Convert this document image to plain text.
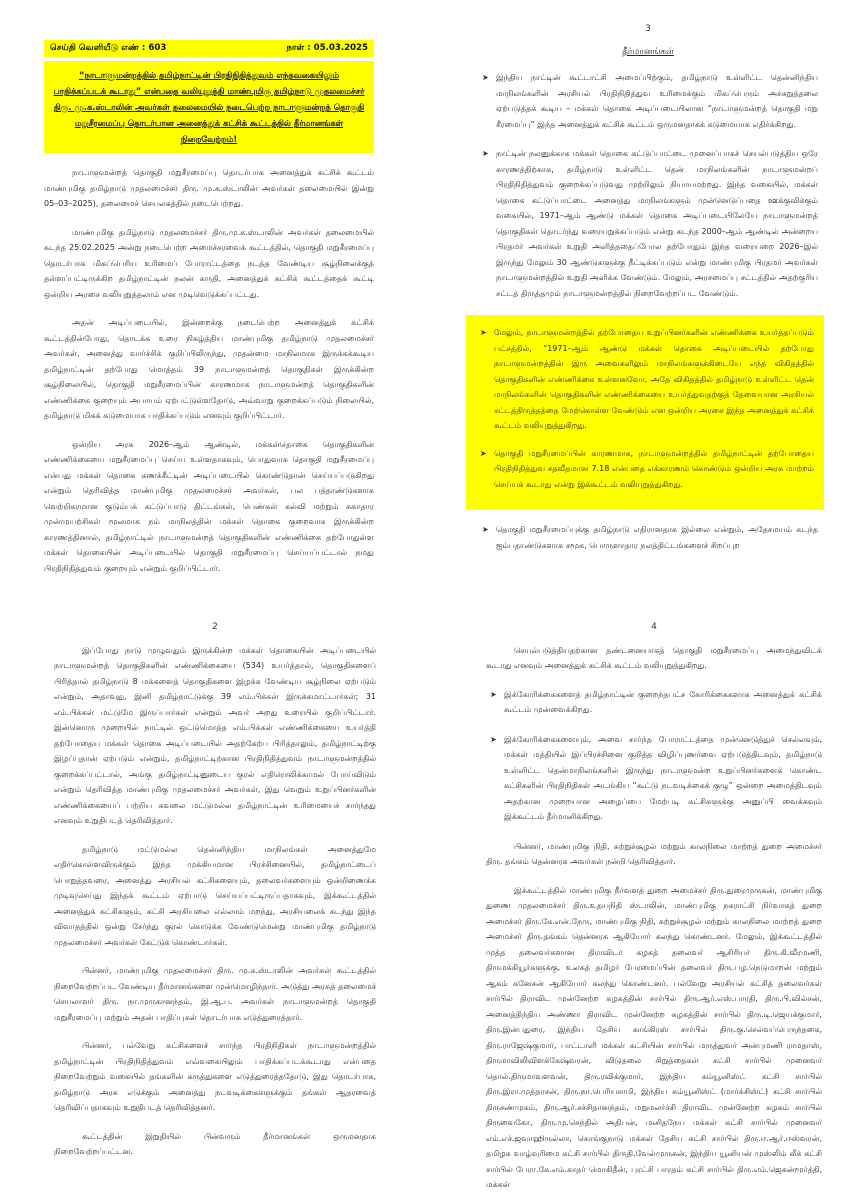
செய்தி வெளியீடு எண் : 603	நாள் : 05.03.2025
“நாடாளுமன்றத்தில் தமிழ்நாட்டின் பிரதிநிதித்துவம் எந்தவகையிலும்
பாதிக்கப்படக் கூடாது” என்பதை வலியுறுத்தி மாண்புமிகு தமிழ்நாடு முதலமைச்சர்
திரு. மு.க.ஸ்டாலின் அவர்கள் தலைமையில் நடைபெற்ற நாடாளுமன்றத் தொகுதி
மறுசீரமைப்பு தொடர்பான அனைத்துக் கட்சிக் கூட்டத்தில் தீர்மானங்கள் நிறைவேற்றம்!

நாடாளுமன்றத் தொகுதி மறுசீரமைப்பு தொடர்பாக அனைத்துக் கட்சிக் கூட்டம் மாண்புமிகு தமிழ்நாடு முதலமைச்சர் திரு. மு.க.ஸ்டாலின் அவர்கள் தலைமையில் இன்று 05–03–2025), தலைமைச் செயலகத்தில் நடைபெற்றது.

மாண்புமிகு தமிழ்நாடு முதலமைச்சர் திரு.மு.க.ஸ்டாலின் அவர்கள் தலைமையில் கடந்த 25.02.2025 அன்று நடைபெற்ற அமைச்சரவைக் கூட்டத்தில், தொகுதி மறுசீரமைப்பு தொடர்பாக மிகப்பெரிய உரிமைப் போராட்டத்தை நடத்த வேண்டிய சூழ்நிலைக்குத் தள்ளப்பட்டிருக்கிற தமிழ்நாட்டின் நலன் கருதி, அனைத்துக் கட்சிக் கூட்டத்தைக் கூட்டி ஒன்றிய அரசை வலியுறுத்தலாம் என முடிவெடுக்கப்பட்டது.

அதன் அடிப்படையில், இன்றைக்கு நடைபெற்ற அனைத்துக் கட்சிக் கூட்டத்தின்போது, தொடக்க உரை நிகழ்த்திய மாண்புமிகு தமிழ்நாடு முதலமைச்சர் அவர்கள், அனைத்து வார்ச்சிக் குறிப்பிலிருந்து, முதன்மை மாநிலமாக இருக்கக்கூடிய தமிழ்நாட்டின் தற்போது மொத்தம் 39 நாடாளுமன்றத் தொகுதிகள் இருக்கின்ற சூழ்நிலையில், தொகுதி மறுசீரமைப்பின் காரணமாக நாடாளுமன்றத் தொகுதிகளின் எண்ணிக்கை குறையும் அபாயம் ஏற்பட்டுள்ளதோடு, அவ்வாறு குறைக்கப்படும் நிலையில், தமிழ்நாடு மிகக் கடுமையாக பாதிக்கப்படும் எனவும் குறிப்பிட்டார்.

ஒன்றிய அரசு 2026–ஆம் ஆண்டில், மக்கள்தொகை தொகுதிகளின் எண்ணிக்கையை மறுசீரமைப்பு செய்ய உள்ளதாகவும், பொதுவாக தொகுதி மறுசீரமைப்பு என்பது மக்கள் தொகை கணக்கீட்டின் அடிப்படையில் கொண்டுதான் செய்யப்படுகிறது என்றும் தெரிவித்த மாண்புமிகு முதலமைச்சர் அவர்கள், பல பத்தாண்டுகளாக வெற்றிகரமான குடும்பக் கட்டுப்பாடு திட்டங்கள், பெண்கள் கல்வி மற்றும் சுகாதார முன்முயற்சிகள் மூலமாக நம் மாநிலத்தின் மக்கள் தொகை குறைவாக இருக்கின்ற காரணத்தினால், தமிழ்நாட்டில் நாடாளுமன்றத் தொகுதிகளின் எண்ணிக்கை தற்போதுள்ள மக்கள் தொகையின் அடிப்படையில் தொகுதி மறுசீரமைப்பு செய்யப்பட்டால் நமது பிரதிநிதித்துவம் குறையும் என்றும் குறிப்பிட்டார்.

3
தீர்மானங்கள்
➤ இந்திய நாட்டின் கூட்டாட்சி அமைப்பிற்கும், தமிழ்நாடு உள்ளிட்ட தென்னிந்திய மாநிலங்களின் அரசியல் பிரதிநிதித்துவ உரிமைக்கும் மிகப்பெரும் அச்சுறுத்தலை ஏற்படுத்தக் கூடிய – மக்கள் தொகை அடிப்படையிலான “நாடாளுமன்றத் தொகுதி மறு சீரமைப்பு” இந்த அனைத்துக் கட்சிக் கூட்டம் ஒருமனதாகக் கடுமையாக எதிர்க்கிறது.
➤ நாட்டின் நலனுக்காக மக்கள் தொகை கட்டுப்பாட்டை முனைப்பாகச் செயல்படுத்திய ஒரே காரணத்திற்காக, தமிழ்நாடு உள்ளிட்ட தென் மாநிலங்களின் நாடாளுமன்றப் பிரதிநிதித்துவம் குறைக்கப்படுவது முற்றிலும் நியாயமற்றது. இந்த வகையில், மக்கள் தொகை கட்டுப்பாட்டை அனைத்து மாநிலங்களும் முன்னெடுப்பதை ஊக்குவிக்கும் வகையில், 1971–ஆம் ஆண்டு மக்கள் தொகை அடிப்படையிலேயே நாடாளுமன்றத் தொகுதிகள் தொடர்ந்து வரையறுக்கப்படும் என்று கடந்த 2000–ஆம் ஆண்டில் அன்றைய பிரதமர் அவர்கள் உறுதி அளித்ததைப்போல தற்போதும் இந்த வரையறை 2026–இல் இருந்து மேலும் 30 ஆண்டுகளுக்கு நீட்டிக்கப்படும் என்று மாண்புமிகு பிரதமர் அவர்கள் நாடாளுமன்றத்தில் உறுதி அளிக்க வேண்டும். மேலும், அரசமைப்பு சட்டத்தில் அதற்குரிய சட்டத் திருத்தமும் நாடாளுமன்றத்தில் நிறைவேற்றப்பட வேண்டும்.
➤ மேலும், நாடாளுமன்றத்தில் தற்போதைய உறுப்பினர்களின் எண்ணிக்கை உயர்த்தப்படும் பட்சத்தில், “1971–ஆம் ஆண்டு மக்கள் தொகை அடிப்படையில் தற்போது நாடாளுமன்றத்தின் இரு அவைகளிலும் மாநிலங்களுக்கிடையே எந்த விகிதத்தில் தொகுதிகளின் எண்ணிக்கை உள்ளனவோ, அதே விகிதத்தில் தமிழ்நாடு உள்ளிட்ட தென் மாநிலங்களின் தொகுதிகளின் எண்ணிக்கையை உயர்த்துவதற்குத் தேவையான அரசியல் சட்டத்திருத்தத்தை மேற்கொள்ள வேண்டும் என ஒன்றிய அரசை இந்த அனைத்துக் கட்சிக் கூட்டம் வலியுறுத்துகிறது.
➤ தொகுதி மறுசீரமைப்பின் காரணமாக, நாடாளுமன்றத்தில் தமிழ்நாட்டின் தற்போதைய பிரதிநிதித்துவ சதவீதமான 7.18 என்பதை எக்காரணம் கொண்டும் ஒன்றிய அரசு மாற்றம் செய்யக் கூடாது என்று இக்கூட்டம் வலியுறுத்துகிறது.
➤ தொகுதி மறுசீரமைப்புக்கு தமிழ்நாடு எதிரானதாக இல்லை என்றும், அதேசமயம் கடந்த ஐம்பதாண்டுகளாக சமூக, பொருளாதார நலத்திட்டங்களைச் சிறப்புற
2

இப்போது நாடு முழுவதும் இருக்கின்ற மக்கள் தொகையின் அடிப்படையில் நாடாளுமன்றத் தொகுதிகளின் எண்ணிக்கையை (534) உயர்த்தால், தொகுதிகளைப் பிரித்தால் தமிழ்நாடு 8 மக்களைத் தொகுதிகளை இழக்க வேண்டிய சூழ்நிலை ஏற்படும் என்றும், அதாவது, இனி தமிழ்நாட்டுக்கு 39 எம்.பிக்கள் இருக்கமாட்டார்கள்; 31 எம்.பிக்கள் மட்டுமே இருப்பார்கள் என்றும் அவர் அறது உரையில் குறிப்பிட்டார். இன்னொரு முறையில் நாட்டில் ஒட்டுமொத்த எம்.பிக்கள் எண்ணிக்கையை உயர்த்தி தற்போதைய மக்கள் தொகை அடிப்படையில் அதற்கேற்ப பிரித்தாலும், தமிழ்நாட்டிற்கு இழப்புதான் ஏற்படும் என்றும், தமிழ்நாட்டிற்கான பிரதிநிதித்துவம் நாடாளுமன்றத்தில் குறைக்கப்பட்டால், அங்கு தமிழ்நாட்டினுடைய குரல் எதிரொலிக்காமல் போய்விடும் என்றும் தெரிவித்த மாண்புமிகு முதலமைச்சர் அவர்கள், இது வெறும் உறுப்பினர்களின் எண்ணிக்கையைப் பற்றிய கவலை மட்டுமல்ல தமிழ்நாட்டின் உரிமையைச் சார்ந்தது எனவும் உறுதிபடத் தெரிவித்தார்.

தமிழ்நாடு மட்டுமல்ல தென்னிந்திய மாநிலங்கள் அனைத்துமே எதிர்கொள்ளவிருக்கும் இந்த முக்கியமான பிரச்சினையில், தமிழ்நாட்டைப் பொறுத்தவரை, அனைத்து அரசியல் கட்சிகளையும், தலைவர்களையும் ஒன்றிணைக்க முடிவுசெய்து இந்தக் கூட்டம் ஏற்பாடு செய்யப்பட்டிருப்பதாகவும், இக்கூட்டத்தில் அனைத்துக் கட்சிகளும், கட்சி அரசியலை எல்லாம் மறந்து, அரசியலைக் கடந்து இந்த விவாதத்தில் ஒன்று சேர்ந்து குரல் கொடுக்க வேண்டுமென்று மாண்புமிகு தமிழ்நாடு முதலமைச்சர் அவர்கள் கேட்டுக் கொண்டார்கள்.

பின்னர், மாண்புமிகு முதலமைச்சர் திரு. மு.க.ஸ்டாலின் அவர்கள் கூட்டத்தில் நிறைவேற்றப்பட வேண்டிய தீர்மானங்களை முன்மொழிந்தார். அடுத்து அரசுத் தலைமைச் செயலாளர் திரு. நா.முருகானந்தம், இ.ஆ.ப. அவர்கள் நாடாளுமன்றத் தொகுதி மறுசீரமைப்பு மற்றும் அதன் பாதிப்புகள் தொடர்பாக எடுத்துரைத்தார்.

பின்னர், பல்வேறு கட்சிகளைச் சார்ந்த பிரதிநிதிகள் நாடாளுமன்றத்தில் தமிழ்நாட்டின் பிரதிநிதித்துவம் எவ்வகையிலும் பாதிக்கப்படக்கூடாது என்பதை நிறைவேற்றும் வகையில் தங்களின் கருத்துகளை எடுத்துரைத்ததோடு, இது தொடர்பாக, தமிழ்நாடு அரசு எடுக்கும் அனைத்து நடவடிக்கைகளுக்கும் தங்கள் ஆதரவைத் தெரிவிப்பதாகவும் உறுதிபடத் தெரிவித்தனர்.

கூட்டத்தின் இறுதியில் பின்வரும் தீர்மானங்கள் ஒருமனதாக நிறைவேற்றப்பட்டன.

4

செயல்படுத்தியதற்கான தண்டனையாகத் தொகுதி மறுசீரமைப்பு அமைந்துவிடக் கூடாது எனவும் அனைத்துக் கட்சிக் கூட்டம் வலியுறுத்துகிறது.

➤ இக்கோரிக்கைகளைத் தமிழ்நாட்டின் குறைந்தபட்ச கோரிக்கைகளாக அனைத்துக் கட்சிக் கூட்டம் முன்வைக்கிறது.
➤ இக்கோரிக்கைகளையும், அவை சார்ந்த போராட்டத்தை முன்னெடுத்துச் செல்லவும், மக்கள் மத்தியில் இப்பிரச்சினை குறித்த விழிப்புணர்வை ஏற்படுத்திடவும், தமிழ்நாடு உள்ளிட்ட தென்மாநிலங்களில் இருந்து நாடாளுமன்ற உறுப்பினர்களைக் கொண்ட கட்சிகளின் பிரதிநிதிகள் அடங்கிய “கூட்டு நடவடிக்கைக் குழு” ஒன்றை அமைத்திடவும் அதற்கான முறையான அழைப்பை மேற்படி கட்சிகளுக்கு அனுப்பி வைக்கவும் இக்கூட்டம் தீர்மானிக்கிறது.

பின்னர், மாண்புமிகு நிதி, சுற்றுச்சூழல் மற்றும் காலநிலை மாற்றத் துறை அமைச்சர் திரு. தங்கம் தென்னரசு அவர்கள் நன்றி தெரிவித்தார்.

இக்கூட்டத்தில் மாண்புமிகு நீர்வளத் துறை அமைச்சர் திரு.துரைமுருகன், மாண்புமிகு துணை முதலமைச்சர் திரு.உதயநிதி ஸ்டாலின், மாண்புமிகு நகராட்சி நிர்வாகத் துறை அமைச்சர் திரு.கே.என்.நேரு, மாண்புமிகு நிதி, சுற்றுச்சூழல் மற்றும் காலநிலை மாற்றத் துறை அமைச்சர் திரு.தங்கம் தென்னரசு ஆகியோர் கலந்து கொண்டனர். மேலும், இக்கூட்டத்தில் முத்த தலைவர்களான திராவிடர் கழகத் தலைவர் ஆசிரியர் திரு.கி.வீரமணி, திருமக்கியூர்களுக்கு, உலகத் தமிழர் பேரமைப்பின் தலைவர் திரு.பழ.நெடுமாறன் மற்றும் ஆகம் கனேசன் ஆகியோர் கலந்து கொண்டனர். பல்வேறு அரசியல் கட்சித் தலைவர்கள் சார்பில் திராவிட முன்னேற்ற கழகத்தின் சார்பில் திரு.ஆர்.எஸ்.பாரதி, திரு.பி.வில்சன், அனைத்திந்திய அண்ணா திராவிட முன்னேற்ற கழகத்தின் சார்பில் திரு.டி.ஜெயக்குமார், திரு.இன்பதுரை, இந்திய தேசிய காங்கிரஸ் சார்பில் திரு.கு.செல்வப்பெருந்தகை, திரு.ராஜேஷ்குமார், பாட்டாளி மக்கள் கட்சியின் சார்பில் மருத்துவர் அன்புமணி ராமதாஸ், திருமாவிலிவிளக்கேஷ்வரன், விடுதலை சிறுத்தைகள் கட்சி சார்பில் முனைவர் தொல்.திருமாவளவன், திரு.ரவிக்குமார், இந்திய கம்யூனிஸ்ட் கட்சி சார்பில் திரு.இரா.முத்தரசன், திரு.நா.பெரியசாமி, இந்திய கம்யூனிஸ்ட் (மார்க்சிஸ்ட்) கட்சி சார்பில் திருசண்முகம், திரு.ஆர்.சச்சிதானந்தம், மறுமலர்ச்சி திராவிட முன்னேற்ற கழகம் சார்பில் திருவைகோ, திரு.மு.செந்தில் அதிபன், மனிதநேய மக்கள் கட்சி சார்பில் முனைவர் எம்.எச்.ஜவாஹிருல்லா, கொங்குநாடு மக்கள் தேசிய கட்சி சார்பில் திரு.ஈ.ஆர்.ஈஸ்வரன், தமிழக வாழ்வுரிமை கட்சி சார்பில் திருதி.வேல்முருகன், இந்திய யூனியன் முஸ்லிம் லீக் கட்சி சார்பில் பேரா.கே.எம்.காதர் மொகிதீன், புரட்சி பாரதம் கட்சி சார்பில் திரு.எம்.ஜெகன்மூர்த்தி, மக்கள்
